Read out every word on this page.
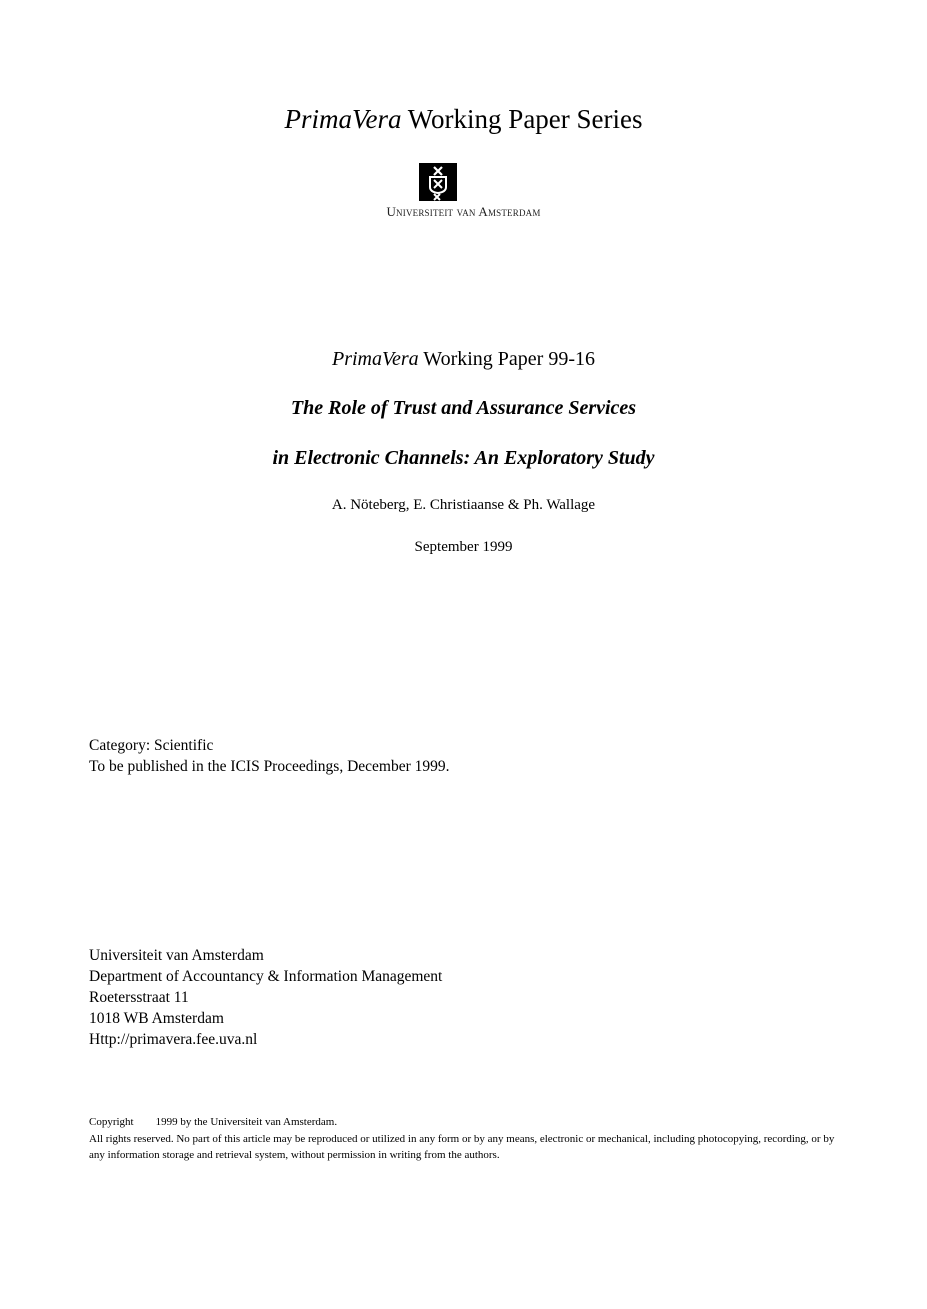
PrimaVera Working Paper Series
Universiteit van Amsterdam
PrimaVera Working Paper 99-16
The Role of Trust and Assurance Services
in Electronic Channels: An Exploratory Study
A. Nöteberg, E. Christiaanse & Ph. Wallage
September 1999
Category: Scientific
To be published in the ICIS Proceedings, December 1999.
Universiteit van Amsterdam
Department of Accountancy & Information Management
Roetersstraat 11
1018 WB Amsterdam
Http://primavera.fee.uva.nl
Copyright 1999 by the Universiteit van Amsterdam.
All rights reserved. No part of this article may be reproduced or utilized in any form or by any means, electronic or mechanical, including photocopying, recording, or by any information storage and retrieval system, without permission in writing from the authors.
